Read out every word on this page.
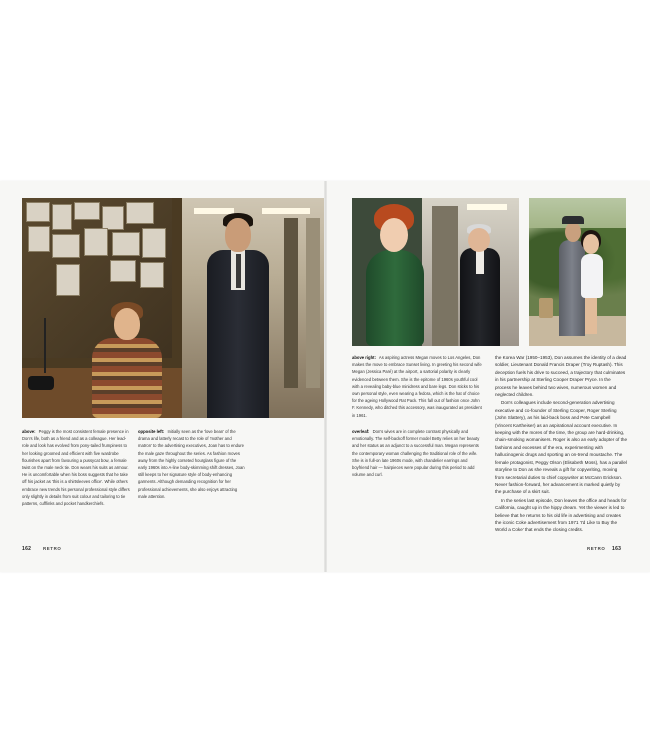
above: Peggy is the most consistent female presence in Don's life, both as a friend and as a colleague. Her lead-role and look has evolved from pony-tailed frumpiness to her looking groomed and efficient with five wardrobe flourishes apart from favouring a pussycat bow, a female twist on the male neck tie. Don wears his suits as armour. He is uncomfortable when his boss suggests that he take off his jacket as 'this is a shirtsleeves office'. While others embrace new trends his personal professional style differs only slightly in details from suit colour and tailoring to tie patterns, cufflinks and pocket handkerchiefs.

opposite left: Initially seen as the 'love bean' of the drama and latterly recast to the role of 'mother and matron' to the advertising executives, Joan has to endure the male gaze throughout the series. As fashion moves away from the highly corseted hourglass figure of the early 1960s into A-line body-skimming shift dresses, Joan still keeps to her signature style of body-enhancing garments. Although demanding recognition for her professional achievements, she also enjoys attracting male attention.

above right: As aspiring actress Megan moves to Los Angeles, Don makes the move to embrace Sunset living. In greeting his second wife Megan (Jessica Paré) at the airport, a sartorial polarity is clearly evidenced between them. She is the epitome of 1960s youthful cool with a revealing baby-blue minidress and bare legs. Don sticks to his own personal style, even wearing a fedora, which is the hat of choice for the ageing Hollywood Rat Pack. This fall out of fashion once John F. Kennedy, who ditched this accessory, was inaugurated as president in 1961.

overleaf: Don's wives are in complete contrast physically and emotionally. The self-backoff former model Betty relies on her beauty and her status as an adjunct to a successful man. Megan represents the contemporary woman challenging the traditional role of the wife. She is in full-on late 1960s mode, with chandelier earrings and boyfriend hair — hairpieces were popular during this period to add volume and curl.

the Korea War (1950–1953), Don assumes the identity of a dead soldier, Lieutenant Donald Francis Draper (Troy Ruptash). This deception fuels his drive to succeed, a trajectory that culminates in his partnership at Sterling Cooper Draper Pryce. In the process he leaves behind two wives, numerous women and neglected children.

Don's colleagues include second-generation advertising executive and co-founder of Sterling Cooper, Roger Sterling (John Slattery), as his laid-back boss and Pete Campbell (Vincent Kartheiser) as an aspirational account executive. In keeping with the mores of the time, the group are hard-drinking, chain-smoking womanisers. Roger is also an early adopter of the fashions and excesses of the era, experimenting with hallucinogenic drugs and sporting an on-trend moustache. The female protagonist, Peggy Olson (Elisabeth Moss), has a parallel storyline to Don as she reveals a gift for copywriting, moving from secretarial duties to chief copywriter at McCann Erickson. Never fashion-forward, her advancement is marked quietly by the purchase of a skirt suit.

In the series last episode, Don leaves the office and heads for California, caught up in the hippy dream. Yet the viewer is led to believe that he returns to his old life in advertising and creates the iconic Coke advertisement from 1971 'I'd Like to Buy the World a Coke' that ends the closing credits.

162	RETRO	RETRO 163
